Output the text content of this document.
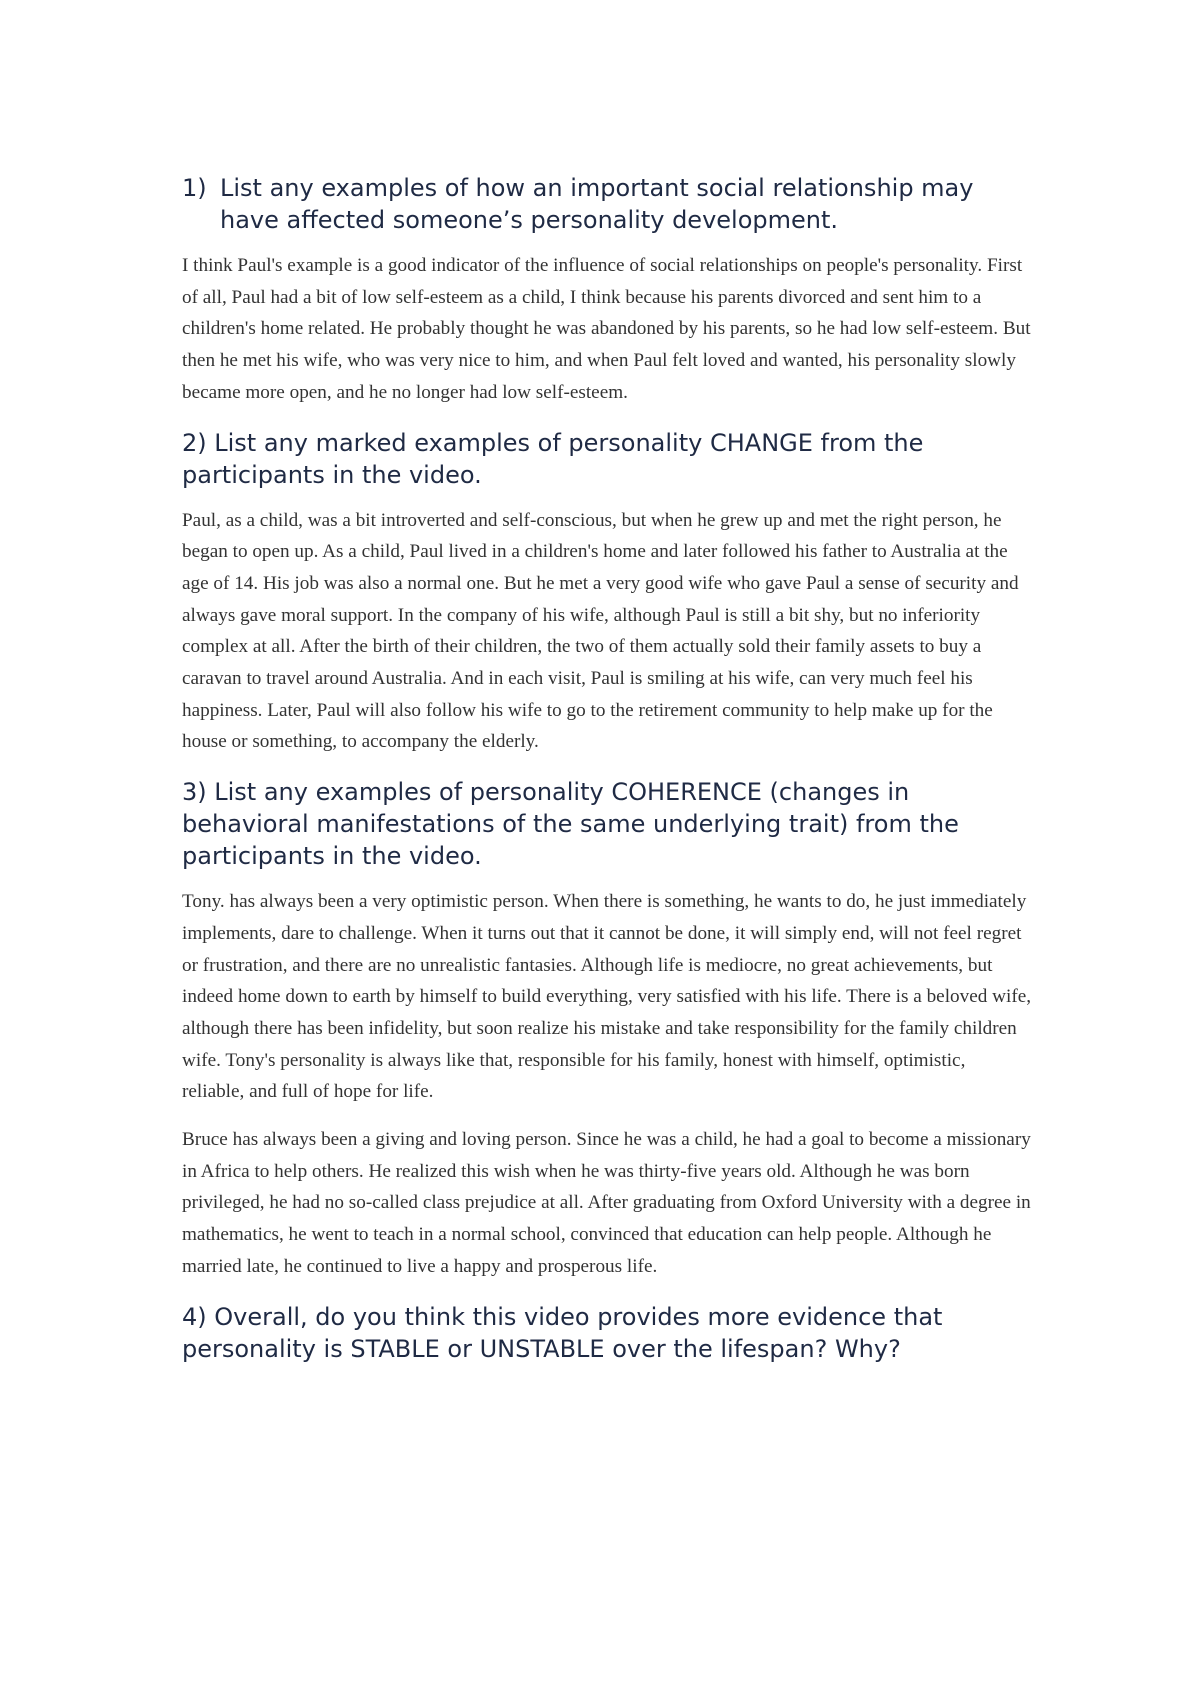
1) List any examples of how an important social relationship may have affected someone’s personality development.

I think Paul's example is a good indicator of the influence of social relationships on people's personality. First of all, Paul had a bit of low self-esteem as a child, I think because his parents divorced and sent him to a children's home related. He probably thought he was abandoned by his parents, so he had low self-esteem. But then he met his wife, who was very nice to him, and when Paul felt loved and wanted, his personality slowly became more open, and he no longer had low self-esteem.

2) List any marked examples of personality CHANGE from the participants in the video.

Paul, as a child, was a bit introverted and self-conscious, but when he grew up and met the right person, he began to open up. As a child, Paul lived in a children's home and later followed his father to Australia at the age of 14. His job was also a normal one. But he met a very good wife who gave Paul a sense of security and always gave moral support. In the company of his wife, although Paul is still a bit shy, but no inferiority complex at all. After the birth of their children, the two of them actually sold their family assets to buy a caravan to travel around Australia. And in each visit, Paul is smiling at his wife, can very much feel his happiness. Later, Paul will also follow his wife to go to the retirement community to help make up for the house or something, to accompany the elderly.

3) List any examples of personality COHERENCE (changes in behavioral manifestations of the same underlying trait) from the participants in the video.

Tony. has always been a very optimistic person. When there is something, he wants to do, he just immediately implements, dare to challenge. When it turns out that it cannot be done, it will simply end, will not feel regret or frustration, and there are no unrealistic fantasies. Although life is mediocre, no great achievements, but indeed home down to earth by himself to build everything, very satisfied with his life. There is a beloved wife, although there has been infidelity, but soon realize his mistake and take responsibility for the family children wife. Tony's personality is always like that, responsible for his family, honest with himself, optimistic, reliable, and full of hope for life.

Bruce has always been a giving and loving person. Since he was a child, he had a goal to become a missionary in Africa to help others. He realized this wish when he was thirty-five years old. Although he was born privileged, he had no so-called class prejudice at all. After graduating from Oxford University with a degree in mathematics, he went to teach in a normal school, convinced that education can help people. Although he married late, he continued to live a happy and prosperous life.

4) Overall, do you think this video provides more evidence that personality is STABLE or UNSTABLE over the lifespan? Why?
